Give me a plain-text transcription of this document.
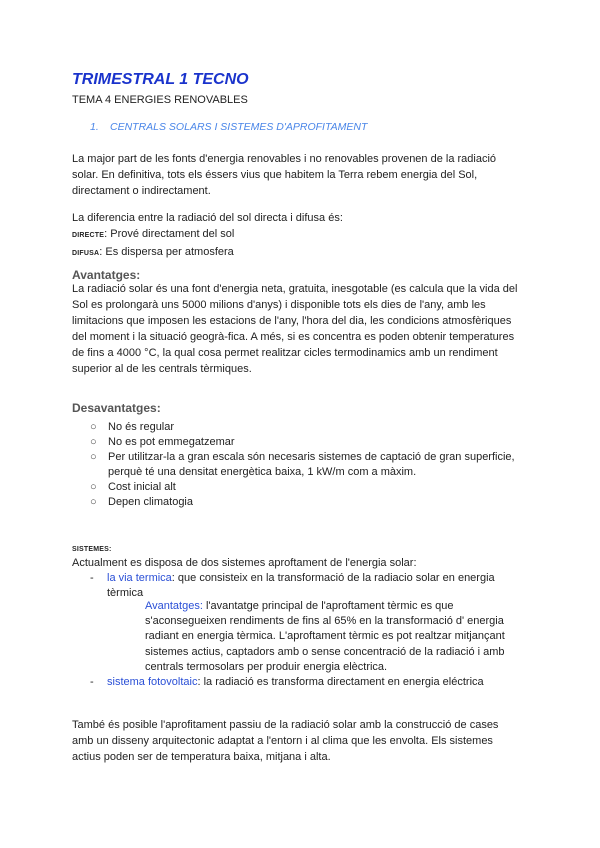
TRIMESTRAL 1 TECNO
TEMA 4 ENERGIES RENOVABLES
1. CENTRALS SOLARS I SISTEMES D'APROFITAMENT
La major part de les fonts d'energia renovables i no renovables provenen de la radiació
solar. En definitiva, tots els éssers vius que habitem la Terra rebem energia del Sol,
directament o indirectament.
La diferencia entre la radiació del sol directa i difusa és:
DIRECTE: Prové directament del sol
DIFUSA: Es dispersa per atmosfera
Avantatges:
La radiació solar és una font d'energia neta, gratuita, inesgotable (es calcula que la vida del
Sol es prolongarà uns 5000 milions d'anys) i disponible tots els dies de l'any, amb les
limitacions que imposen les estacions de l'any, l'hora del dia, les condicions atmosfèriques
del moment i la situació geogrà-fica. A més, si es concentra es poden obtenir temperatures
de fins a 4000 °C, la qual cosa permet realitzar cicles termodinamics amb un rendiment
superior al de les centrals tèrmiques.
Desavantatges:
○ No és regular
○ No es pot emmegatzemar
○ Per utilitzar-la a gran escala són necesaris sistemes de captació de gran superficie, perquè té una densitat energètica baixa, 1 kW/m com a màxim.
○ Cost inicial alt
○ Depen climatogia
SISTEMES:
Actualment es disposa de dos sistemes aproftament de l'energia solar:
- la via termica: que consisteix en la transformació de la radiacio solar en energia
tèrmica
Avantatges: l'avantatge principal de l'aproftament tèrmic es que
s'aconsegueixen rendiments de fins al 65% en la transformació d' energia
radiant en energia tèrmica. L'aproftament tèrmic es pot realtzar mitjançant
sistemes actius, captadors amb o sense concentració de la radiació i amb
centrals termosolars per produir energia elèctrica.
- sistema fotovoltaic: la radiació es transforma directament en energia eléctrica
També és posible l'aprofitament passiu de la radiació solar amb la construcció de cases
amb un disseny arquitectonic adaptat a l'entorn i al clima que les envolta. Els sistemes
actius poden ser de temperatura baixa, mitjana i alta.
